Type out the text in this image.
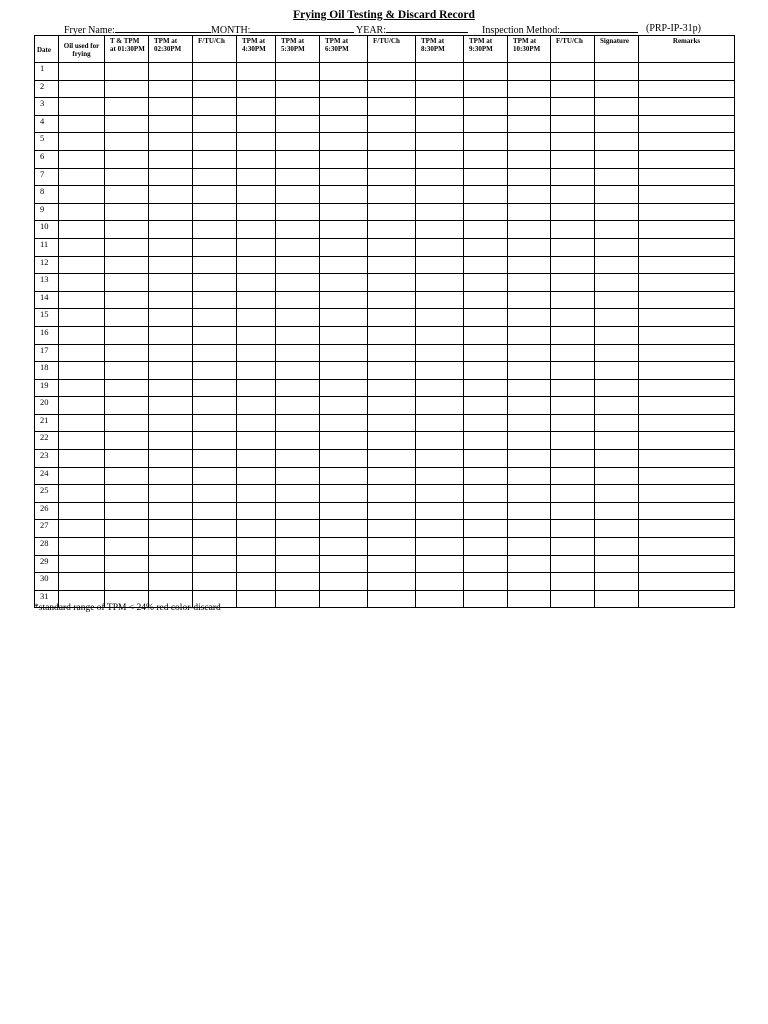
Frying Oil Testing & Discard Record
Fryer Name:	MONTH:	YEAR:	Inspection Method:	(PRP-IP-31p)
Date	Oil used for frying	T & TPM at 01:30PM	TPM at 02:30PM	F/TU/Ch	TPM at 4:30PM	TPM at 5:30PM	TPM at 6:30PM	F/TU/Ch	TPM at 8:30PM	TPM at 9:30PM	TPM at 10:30PM	F/TU/Ch	Signature	Remarks
1														
2														
3														
4														
5														
6														
7														
8														
9														
10														
11														
12														
13														
14														
15														
16														
17														
18														
19														
20														
21														
22														
23														
24														
25														
26														
27														
28														
29														
30														
31														
*standard range of TPM < 24% red color-discard
